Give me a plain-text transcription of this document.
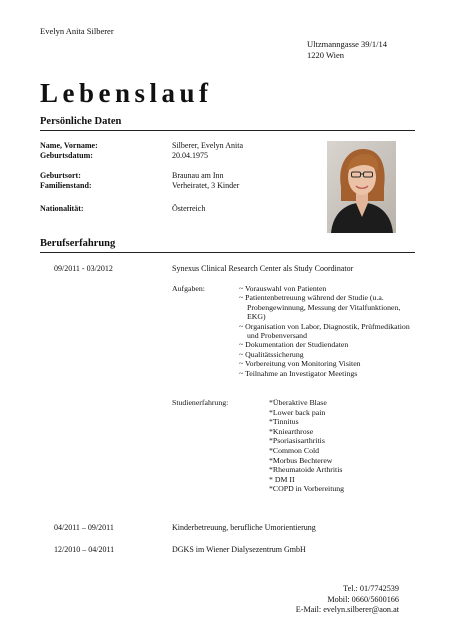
Evelyn Anita Silberer
Ultzmanngasse 39/1/14
1220 Wien
Lebenslauf
Persönliche Daten
Name, Vorname:	Silberer, Evelyn Anita
Geburtsdatum:	20.04.1975
Geburtsort:	Braunau am Inn
Familienstand:	Verheiratet, 3 Kinder
Nationalität:	Österreich
Berufserfahrung
09/2011 - 03/2012	Synexus Clinical Research Center als Study Coordinator
Aufgaben:	~ Vorauswahl von Patienten
~ Patientenbetreuung während der Studie (u.a. Probengewinnung, Messung der Vitalfunktionen, EKG)
~ Organisation von Labor, Diagnostik, Prüfmedikation und Probenversand
~ Dokumentation der Studiendaten
~ Qualitätssicherung
~ Vorbereitung von Monitoring Visiten
~ Teilnahme an Investigator Meetings
Studienerfahrung:	*Überaktive Blase
*Lower back pain
*Tinnitus
*Kniearthrose
*Psoriasisarthritis
*Common Cold
*Morbus Bechterew
*Rheumatoide Arthritis
* DM II
*COPD in Vorbereitung
04/2011 – 09/2011	Kinderbetreuung, berufliche Umorientierung
12/2010 – 04/2011	DGKS im Wiener Dialysezentrum GmbH
Tel.: 01/7742539
Mobil: 0660/5600166
E-Mail: evelyn.silberer@aon.at
